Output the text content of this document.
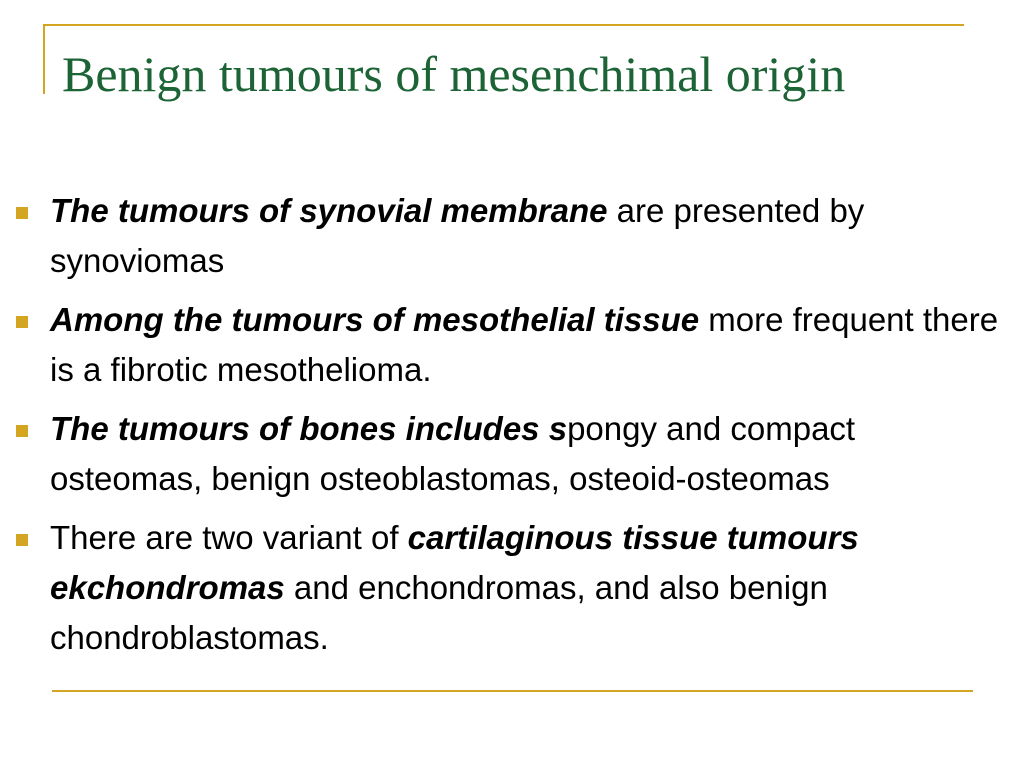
Benign tumours of mesenchimal origin
The tumours of synovial membrane are presented by synoviomas
Among the tumours of mesothelial tissue more frequent there is a fibrotic mesothelioma.
The tumours of bones includes spongy and compact osteomas, benign osteoblastomas, osteoid-osteomas
There are two variant of cartilaginous tissue tumours ekchondromas and enchondromas, and also benign chondroblastomas.
